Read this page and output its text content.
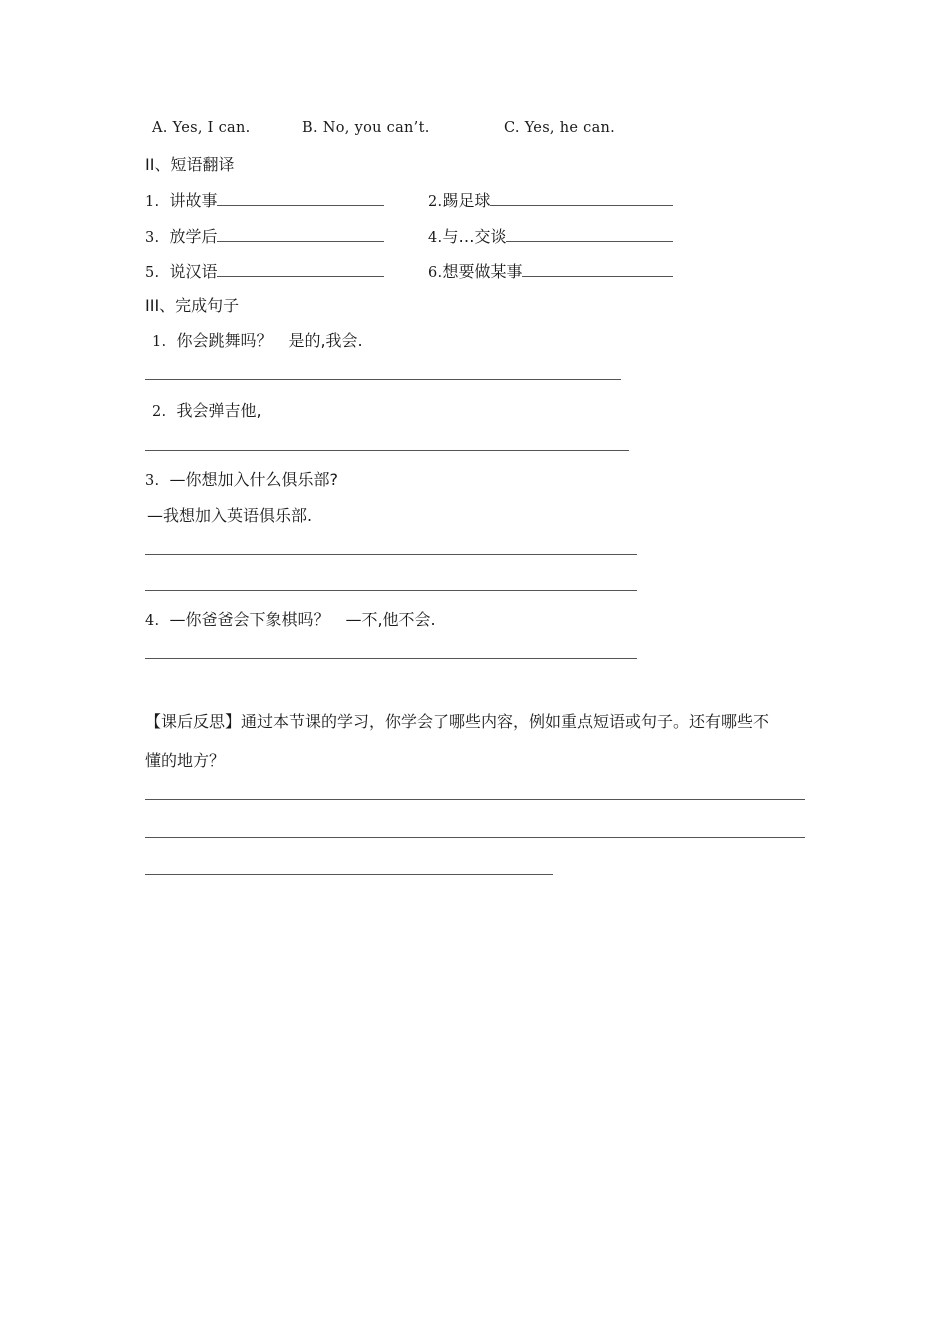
A. Yes, I can.	B. No, you can’t.	C. Yes, he can.
II、短语翻译
1. 讲故事	2.踢足球
3. 放学后	4.与…交谈
5. 说汉语	6.想要做某事
III、完成句子
1. 你会跳舞吗？　是的,我会.
2. 我会弹吉他,
3. —你想加入什么俱乐部?
—我想加入英语俱乐部.
4. —你爸爸会下象棋吗？　—不,他不会.
【课后反思】通过本节课的学习，你学会了哪些内容，例如重点短语或句子。还有哪些不
懂的地方？
